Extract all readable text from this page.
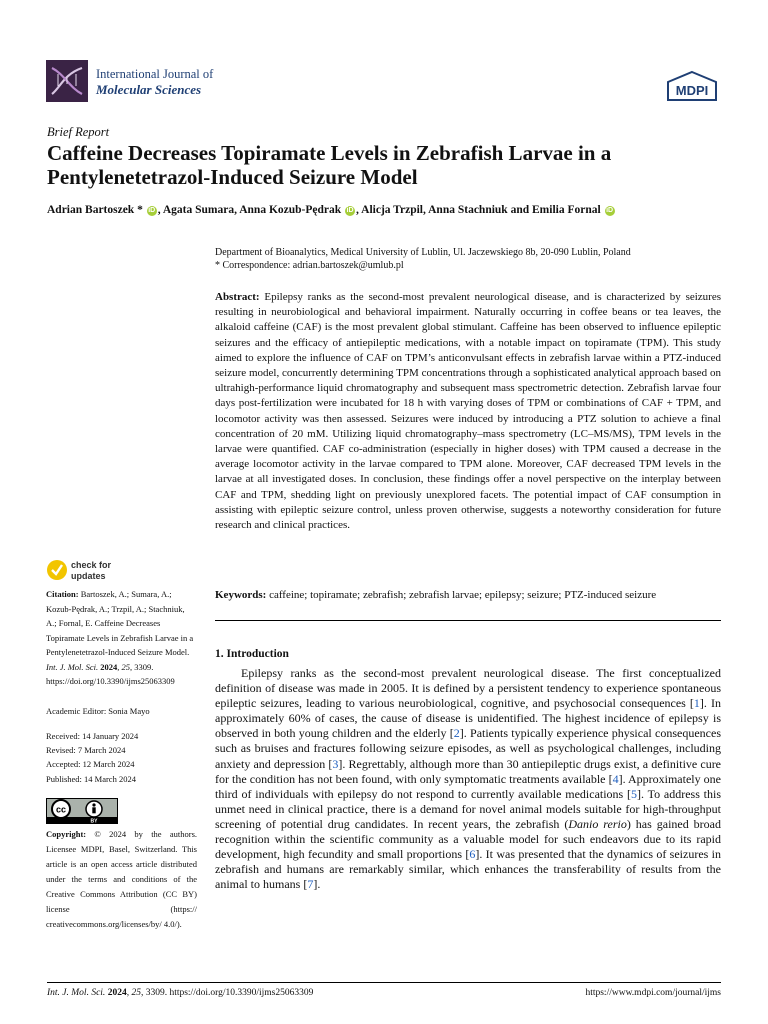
International Journal of
Molecular Sciences	MDPI
Brief Report
Caffeine Decreases Topiramate Levels in Zebrafish Larvae in a Pentylenetetrazol-Induced Seizure Model
Adrian Bartoszek * iD , Agata Sumara, Anna Kozub-Pędrak iD , Alicja Trzpil, Anna Stachniuk and Emilia Fornal iD
Department of Bioanalytics, Medical University of Lublin, Ul. Jaczewskiego 8b, 20-090 Lublin, Poland
* Correspondence: adrian.bartoszek@umlub.pl
Abstract: Epilepsy ranks as the second-most prevalent neurological disease, and is characterized by seizures resulting in neurobiological and behavioral impairment. Naturally occurring in coffee beans or tea leaves, the alkaloid caffeine (CAF) is the most prevalent global stimulant. Caffeine has been observed to influence epileptic seizures and the efficacy of antiepileptic medications, with a notable impact on topiramate (TPM). This study aimed to explore the influence of CAF on TPM’s anticonvulsant effects in zebrafish larvae within a PTZ-induced seizure model, concurrently determining TPM concentrations through a sophisticated analytical approach based on ultrahigh-performance liquid chromatography and subsequent mass spectrometric detection. Zebrafish larvae four days post-fertilization were incubated for 18 h with varying doses of TPM or combinations of CAF + TPM, and locomotor activity was then assessed. Seizures were induced by introducing a PTZ solution to achieve a final concentration of 20 mM. Utilizing liquid chromatography–mass spectrometry (LC–MS/MS), TPM levels in the larvae were quantified. CAF co-administration (especially in higher doses) with TPM caused a decrease in the average locomotor activity in the larvae compared to TPM alone. Moreover, CAF decreased TPM levels in the larvae at all investigated doses. In conclusion, these findings offer a novel perspective on the interplay between CAF and TPM, shedding light on previously unexplored facets. The potential impact of CAF consumption in assisting with epileptic seizure control, unless proven otherwise, suggests a noteworthy consideration for future research and clinical practices.
Keywords: caffeine; topiramate; zebrafish; zebrafish larvae; epilepsy; seizure; PTZ-induced seizure
1. Introduction
Epilepsy ranks as the second-most prevalent neurological disease. The first conceptualized definition of disease was made in 2005. It is defined by a persistent tendency to experience spontaneous epileptic seizures, leading to various neurobiological, cognitive, and psychosocial consequences [1]. In approximately 60% of cases, the cause of disease is unidentified. The highest incidence of epilepsy is observed in both young children and the elderly [2]. Patients typically experience physical consequences such as bruises and fractures following seizure episodes, as well as psychological challenges, including anxiety and depression [3]. Regrettably, although more than 30 antiepileptic drugs exist, a definitive cure for the condition has not been found, with only symptomatic treatments available [4]. Approximately one third of individuals with epilepsy do not respond to currently available medications [5]. To address this unmet need in clinical practice, there is a demand for novel animal models suitable for high-throughput screening of potential drug candidates. In recent years, the zebrafish (Danio rerio) has gained broad recognition within the scientific community as a valuable model for such endeavors due to its rapid development, high fecundity and small proportions [6]. It was presented that the dynamics of seizures in zebrafish and humans are remarkably similar, which enhances the transferability of results from the animal to humans [7].
check for
updates
Citation: Bartoszek, A.; Sumara, A.; Kozub-Pędrak, A.; Trzpil, A.; Stachniuk, A.; Fornal, E. Caffeine Decreases Topiramate Levels in Zebrafish Larvae in a Pentylenetetrazol-Induced Seizure Model. Int. J. Mol. Sci. 2024, 25, 3309. https://doi.org/10.3390/ijms25063309
Academic Editor: Sonia Mayo
Received: 14 January 2024
Revised: 7 March 2024
Accepted: 12 March 2024
Published: 14 March 2024
cc
BY
Copyright: © 2024 by the authors. Licensee MDPI, Basel, Switzerland. This article is an open access article distributed under the terms and conditions of the Creative Commons Attribution (CC BY) license (https:// creativecommons.org/licenses/by/ 4.0/).
Int. J. Mol. Sci. 2024, 25, 3309. https://doi.org/10.3390/ijms25063309	https://www.mdpi.com/journal/ijms
